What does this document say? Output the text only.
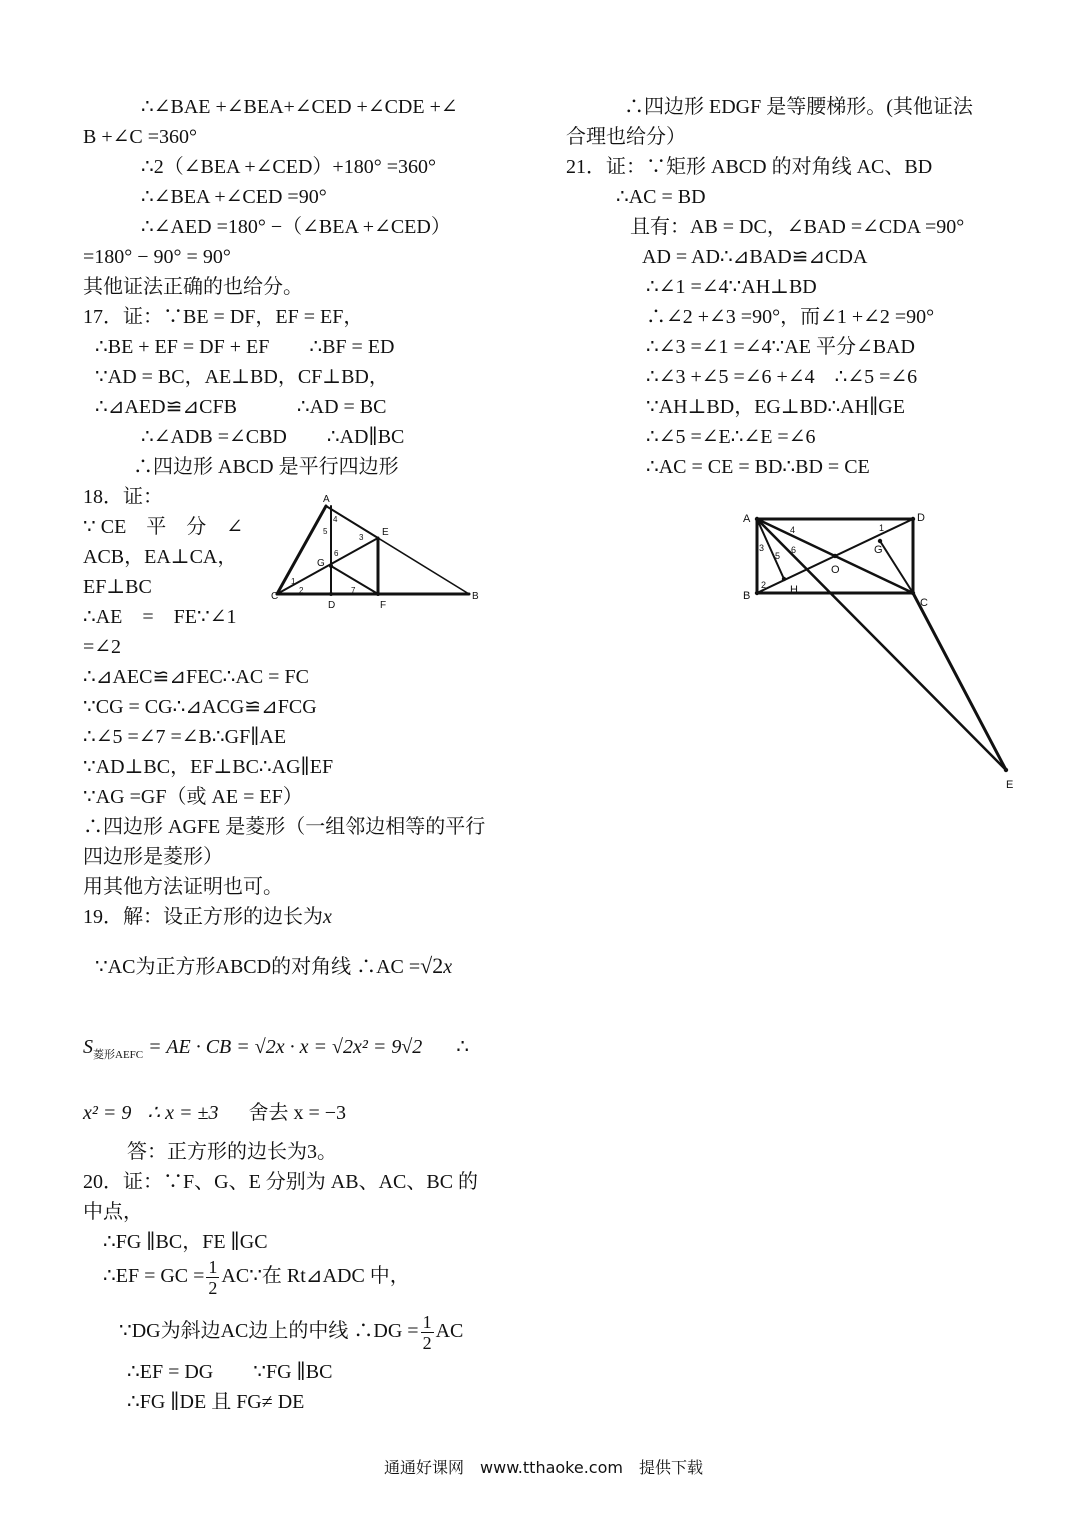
∴∠BAE +∠BEA+∠CED +∠CDE +∠
B +∠C =360°
∴2（∠BEA +∠CED）+180° =360°
∴∠BEA +∠CED =90°
∴∠AED =180° −（∠BEA +∠CED）
=180° − 90° = 90°
其他证法正确的也给分。
17．证：∵BE = DF，EF = EF，
∴BE + EF = DF + EF　　∴BF = ED
∵AD = BC，AE⊥BD，CF⊥BD，
∴⊿AED≌⊿CFB　　　∴AD = BC
∴∠ADB =∠CBD　　∴AD∥BC
∴四边形 ABCD 是平行四边形
18．证：
∵ CE　平　分　∠
ACB，EA⊥CA，
EF⊥BC
∴AE　=　FE∵∠1
=∠2
A
E
C	B
D	F
G
1
2
3
4
5
6
7
∴⊿AEC≌⊿FEC∴AC = FC
∵CG = CG∴⊿ACG≌⊿FCG
∴∠5 =∠7 =∠B∴GF∥AE
∵AD⊥BC，EF⊥BC∴AG∥EF
∵AG =GF（或 AE = EF）
∴四边形 AGFE 是菱形（一组邻边相等的平行
四边形是菱形）
用其他方法证明也可。
19．解：设正方形的边长为x
∵AC为正方形ABCD的对角线 ∴AC =√2x
$S_{菱形AEFC}$ = AE · CB = √2x · x = √2x² = 9√2 ∴
x² = 9 ∴ x = ±3 舍去 x = −3
答：正方形的边长为3。
20．证：∵F、G、E 分别为 AB、AC、BC 的
中点，
∴FG ∥BC，FE ∥GC
∴EF = GC = $\frac{1}{2}$ AC∵在 Rt⊿ADC 中，
∵DG为斜边AC边上的中线 ∴DG = $\frac{1}{2}$ AC
∴EF = DG　　∵FG ∥BC
∴FG ∥DE 且 FG≠ DE
∴四边形 EDGF 是等腰梯形。(其他证法
合理也给分）
21．证：∵矩形 ABCD 的对角线 AC、BD
∴AC = BD
且有：AB = DC，∠BAD =∠CDA =90°
AD = AD∴⊿BAD≌⊿CDA
∴∠1 =∠4∵AH⊥BD
∴∠2 +∠3 =90°，而∠1 +∠2 =90°
∴∠3 =∠1 =∠4∵AE 平分∠BAD
∴∠3 +∠5 =∠6 +∠4　∴∠5 =∠6
∵AH⊥BD，EG⊥BD∴AH∥GE
∴∠5 =∠E∴∠E =∠6
∴AC = CE = BD∴BD = CE
A	D
B
C
O
G
H
E
1
2
3
4
5
6
通通好课网　www.tthaoke.com　提供下载
